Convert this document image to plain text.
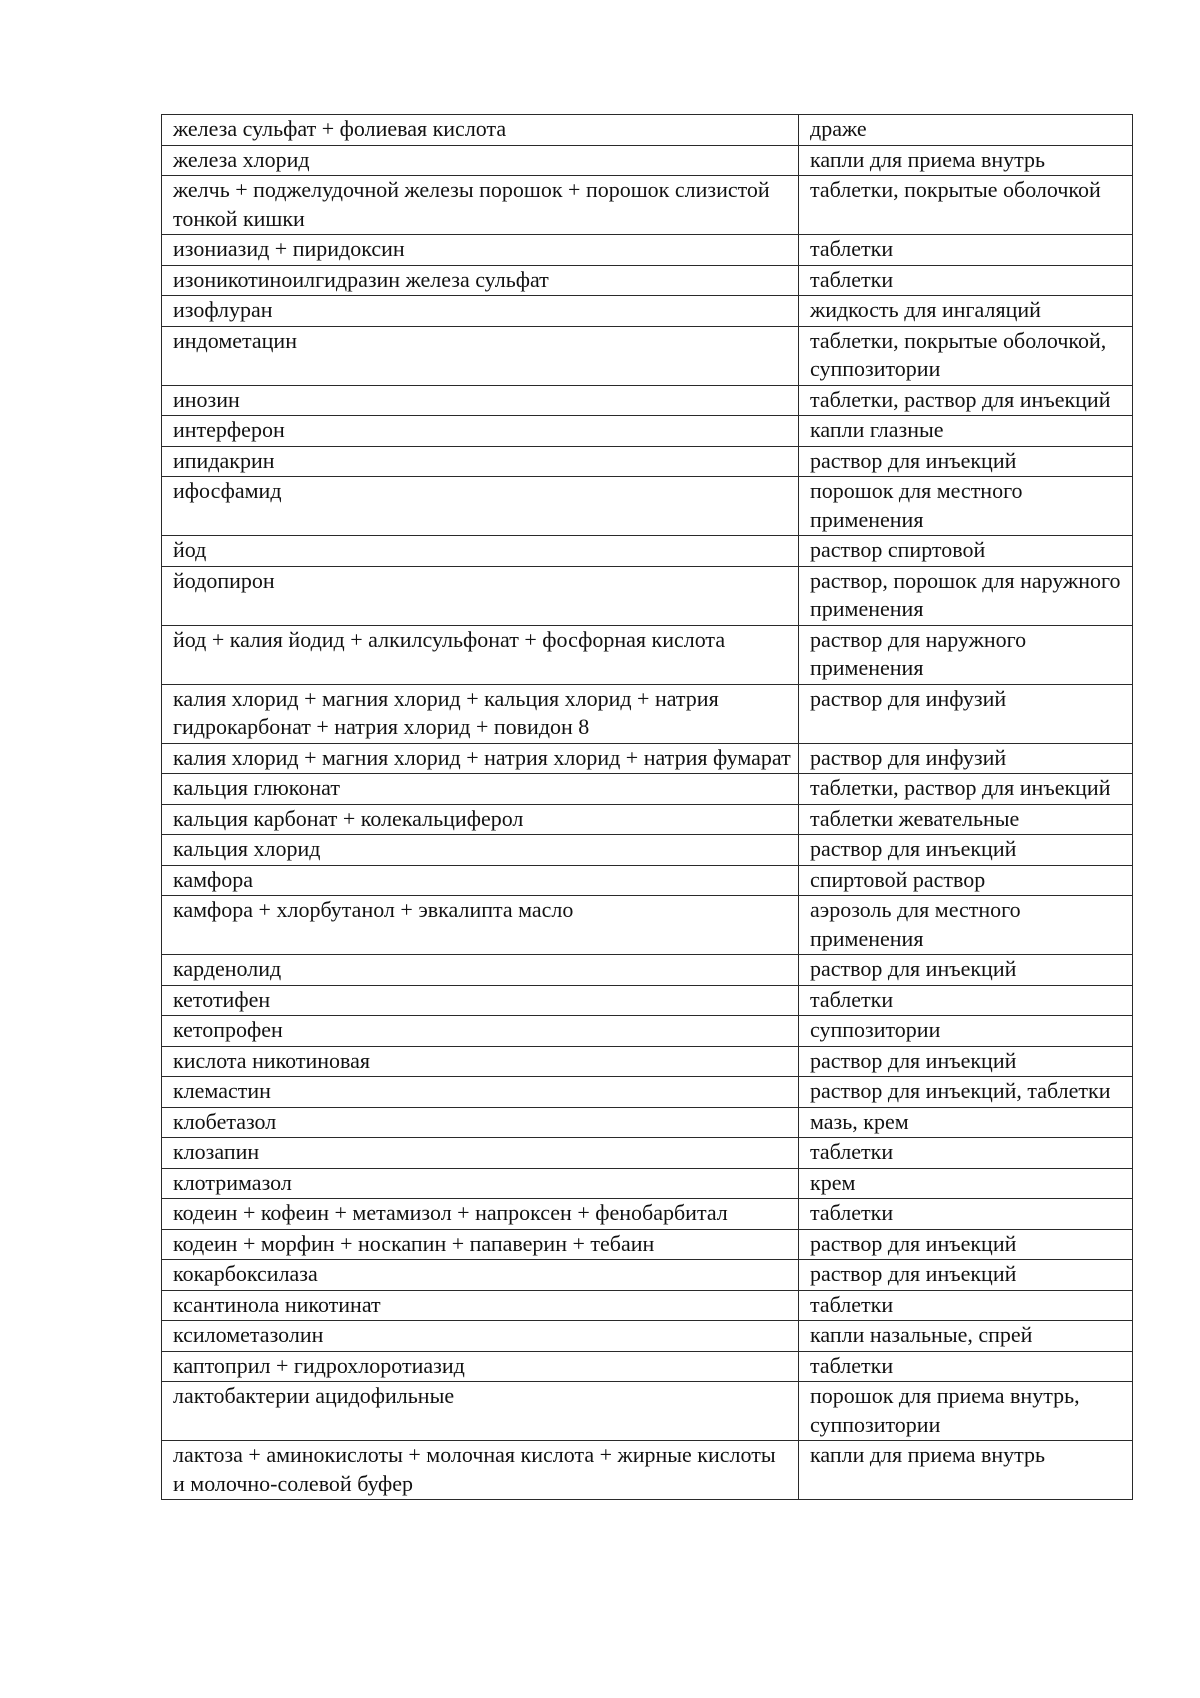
железа сульфат + фолиевая кислота	драже
железа хлорид	капли для приема внутрь
желчь + поджелудочной железы порошок + порошок слизистой тонкой кишки	таблетки, покрытые оболочкой
изониазид + пиридоксин	таблетки
изоникотиноилгидразин железа сульфат	таблетки
изофлуран	жидкость для ингаляций
индометацин	таблетки, покрытые оболочкой, суппозитории
инозин	таблетки, раствор для инъекций
интерферон	капли глазные
ипидакрин	раствор для инъекций
ифосфамид	порошок для местного применения
йод	раствор спиртовой
йодопирон	раствор, порошок для наружного применения
йод + калия йодид + алкилсульфонат + фосфорная кислота	раствор для наружного применения
калия хлорид + магния хлорид + кальция хлорид + натрия гидрокарбонат + натрия хлорид + повидон 8	раствор для инфузий
калия хлорид + магния хлорид + натрия хлорид + натрия фумарат	раствор для инфузий
кальция глюконат	таблетки, раствор для инъекций
кальция карбонат + колекальциферол	таблетки жевательные
кальция хлорид	раствор для инъекций
камфора	спиртовой раствор
камфора + хлорбутанол + эвкалипта масло	аэрозоль для местного применения
карденолид	раствор для инъекций
кетотифен	таблетки
кетопрофен	суппозитории
кислота никотиновая	раствор для инъекций
клемастин	раствор для инъекций, таблетки
клобетазол	мазь, крем
клозапин	таблетки
клотримазол	крем
кодеин + кофеин + метамизол + напроксен + фенобарбитал	таблетки
кодеин + морфин + носкапин + папаверин + тебаин	раствор для инъекций
кокарбоксилаза	раствор для инъекций
ксантинола никотинат	таблетки
ксилометазолин	капли назальные, спрей
каптоприл + гидрохлоротиазид	таблетки
лактобактерии ацидофильные	порошок для приема внутрь, суппозитории
лактоза + аминокислоты + молочная кислота + жирные кислоты и молочно-солевой буфер	капли для приема внутрь
